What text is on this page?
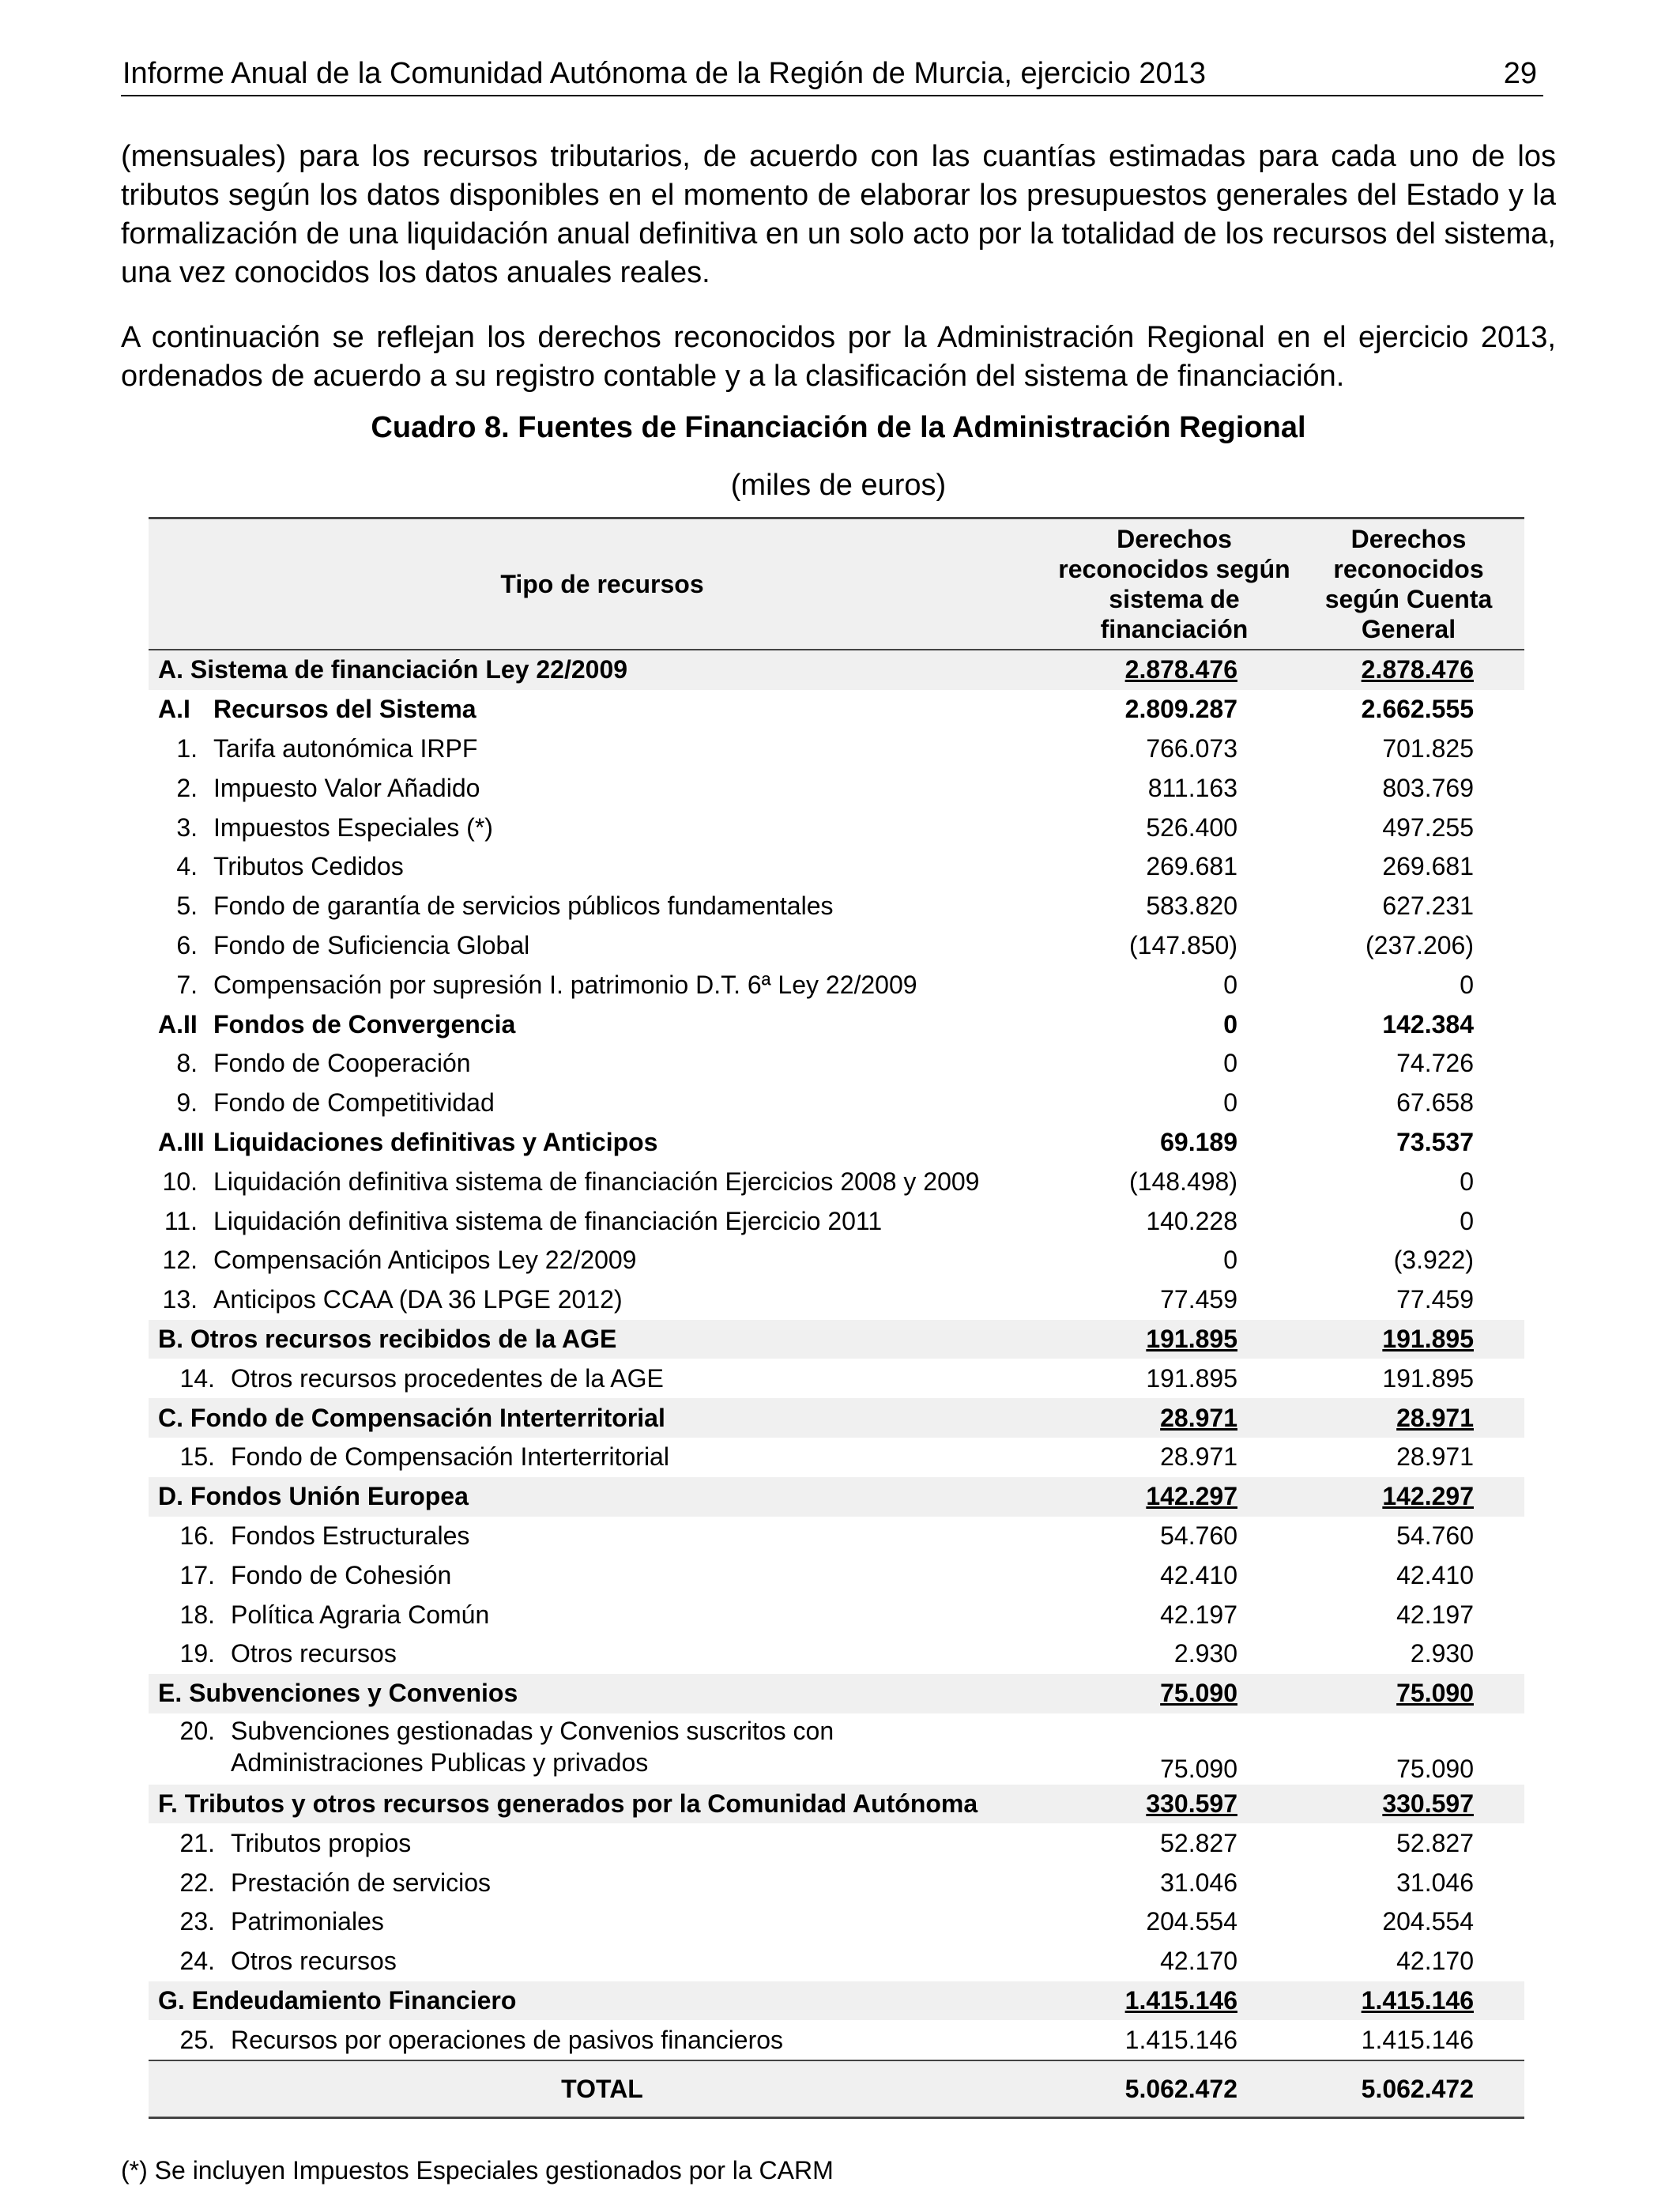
Informe Anual de la Comunidad Autónoma de la Región de Murcia, ejercicio 2013	29
(mensuales) para los recursos tributarios, de acuerdo con las cuantías estimadas para cada uno de los tributos según los datos disponibles en el momento de elaborar los presupuestos generales del Estado y la formalización de una liquidación anual definitiva en un solo acto por la totalidad de los recursos del sistema, una vez conocidos los datos anuales reales.
A continuación se reflejan los derechos reconocidos por la Administración Regional en el ejercicio 2013, ordenados de acuerdo a su registro contable y a la clasificación del sistema de financiación.
Cuadro 8. Fuentes de Financiación de la Administración Regional
(miles de euros)
Tipo de recursos	Derechos reconocidos según sistema de financiación	Derechos reconocidos según Cuenta General
A. Sistema de financiación Ley 22/2009	2.878.476	2.878.476
A.I Recursos del Sistema	2.809.287	2.662.555
1. Tarifa autonómica IRPF	766.073	701.825
2. Impuesto Valor Añadido	811.163	803.769
3. Impuestos Especiales (*)	526.400	497.255
4. Tributos Cedidos	269.681	269.681
5. Fondo de garantía de servicios públicos fundamentales	583.820	627.231
6. Fondo de Suficiencia Global	(147.850)	(237.206)
7. Compensación por supresión I. patrimonio D.T. 6ª Ley 22/2009	0	0
A.II Fondos de Convergencia	0	142.384
8. Fondo de Cooperación	0	74.726
9. Fondo de Competitividad	0	67.658
A.III Liquidaciones definitivas y Anticipos	69.189	73.537
10. Liquidación definitiva sistema de financiación Ejercicios 2008 y 2009	(148.498)	0
11. Liquidación definitiva sistema de financiación Ejercicio 2011	140.228	0
12. Compensación Anticipos Ley 22/2009	0	(3.922)
13. Anticipos CCAA (DA 36 LPGE 2012)	77.459	77.459
B. Otros recursos recibidos de la AGE	191.895	191.895
14. Otros recursos procedentes de la AGE	191.895	191.895
C. Fondo de Compensación Interterritorial	28.971	28.971
15. Fondo de Compensación Interterritorial	28.971	28.971
D. Fondos Unión Europea	142.297	142.297
16. Fondos Estructurales	54.760	54.760
17. Fondo de Cohesión	42.410	42.410
18. Política Agraria Común	42.197	42.197
19. Otros recursos	2.930	2.930
E. Subvenciones y Convenios	75.090	75.090
20. Subvenciones gestionadas y Convenios suscritos con
Administraciones Publicas y privados	75.090	75.090
F. Tributos y otros recursos generados por la Comunidad Autónoma	330.597	330.597
21. Tributos propios	52.827	52.827
22. Prestación de servicios	31.046	31.046
23. Patrimoniales	204.554	204.554
24. Otros recursos	42.170	42.170
G. Endeudamiento Financiero	1.415.146	1.415.146
25. Recursos por operaciones de pasivos financieros	1.415.146	1.415.146
TOTAL	5.062.472	5.062.472
(*) Se incluyen Impuestos Especiales gestionados por la CARM
